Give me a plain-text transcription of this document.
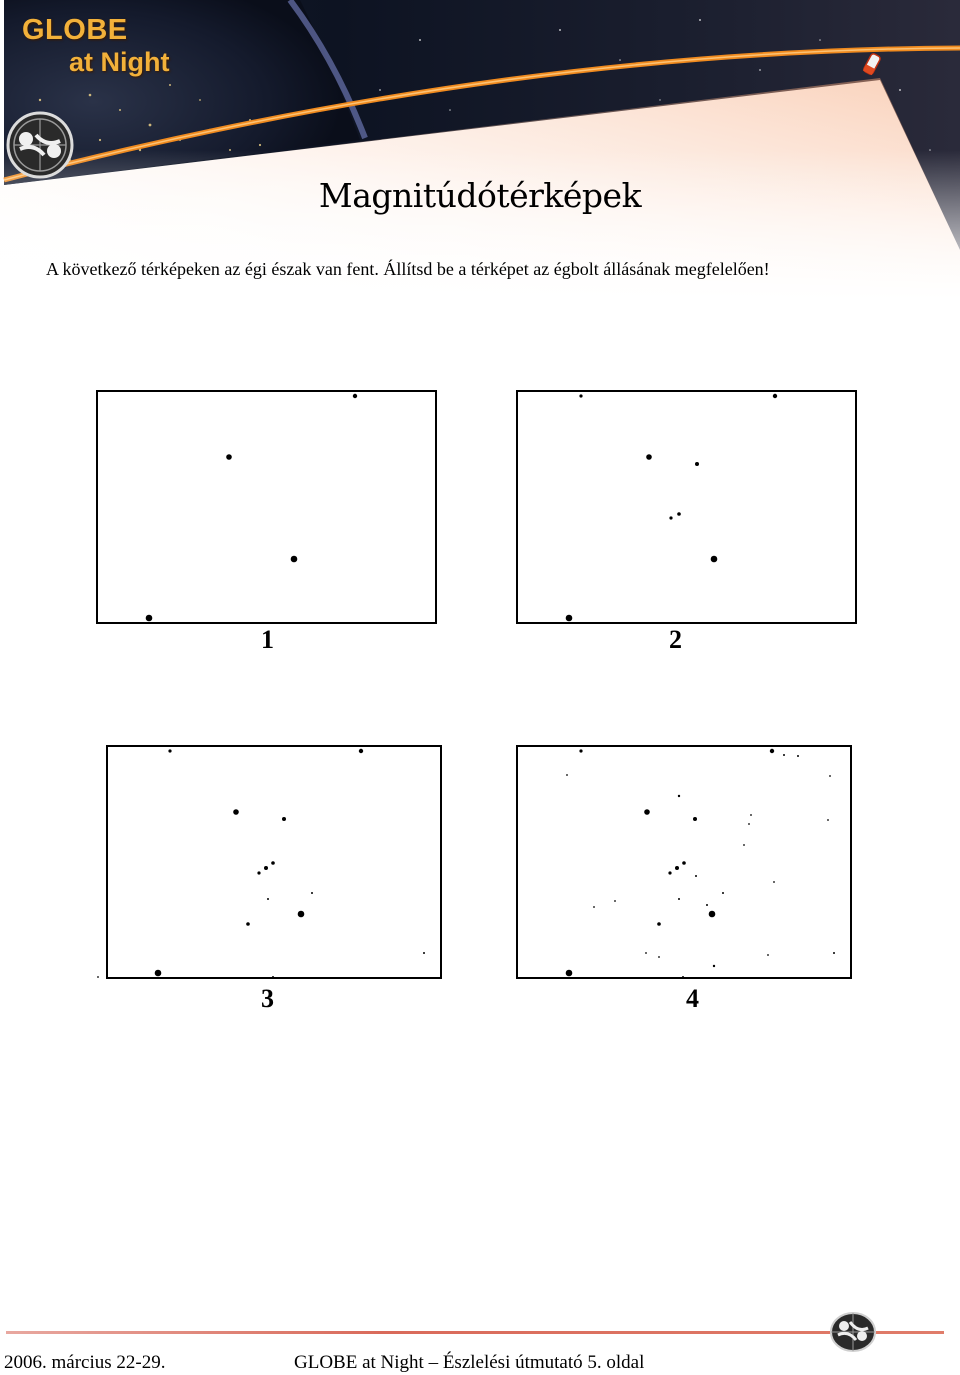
GLOBE
at Night
Magnitúdótérképek
A következő térképeken az égi észak van fent. Állítsd be a térképet az égbolt állásának megfelelően!
1	2
3	4
2006. március 22-29.	GLOBE at Night – Észlelési útmutató 5. oldal
